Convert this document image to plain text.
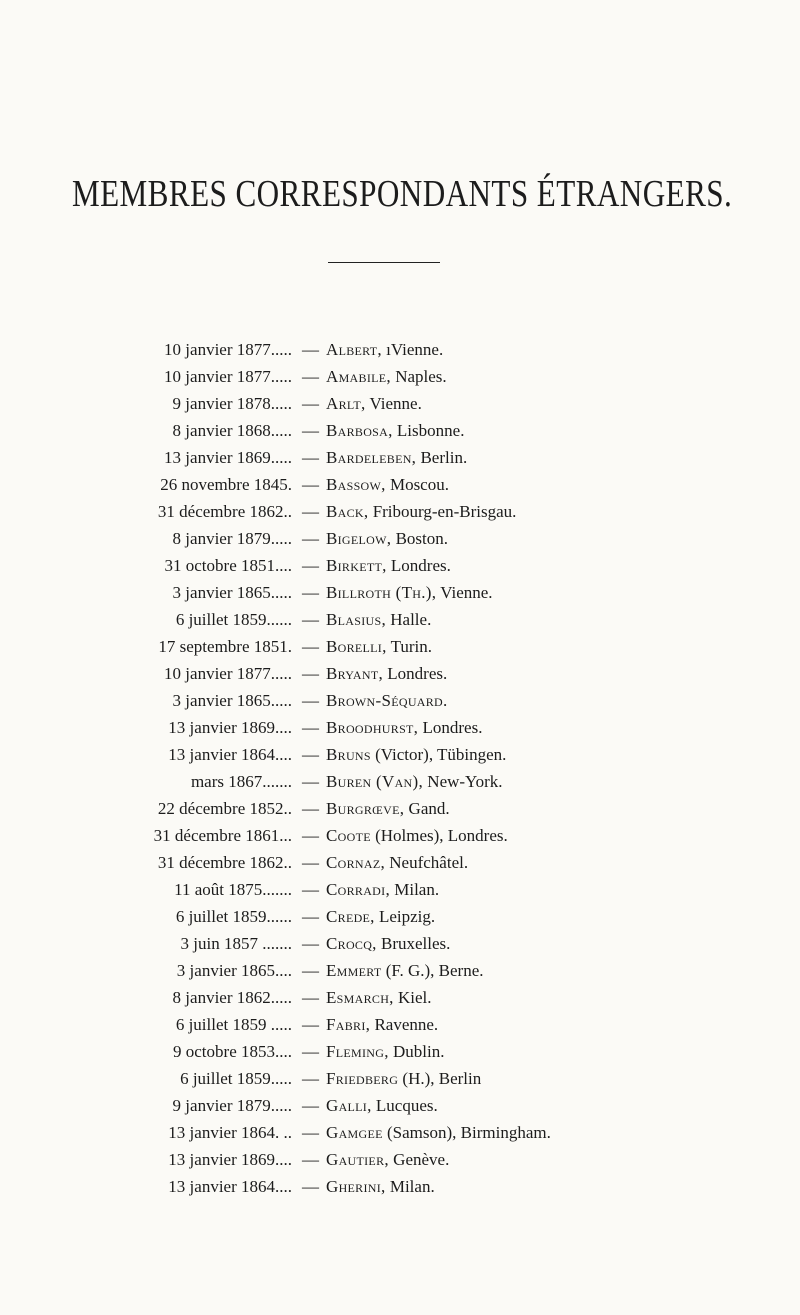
MEMBRES CORRESPONDANTS ÉTRANGERS.
10 janvier 1877..... — Albert, ıVienne.
10 janvier 1877..... — Amabile, Naples.
9 janvier 1878..... — Arlt, Vienne.
8 janvier 1868..... — Barbosa, Lisbonne.
13 janvier 1869..... — Bardeleben, Berlin.
26 novembre 1845. — Bassow, Moscou.
31 décembre 1862.. — Back, Fribourg-en-Brisgau.
8 janvier 1879..... — Bigelow, Boston.
31 octobre 1851.... — Birkett, Londres.
3 janvier 1865..... — Billroth (Th.), Vienne.
6 juillet 1859...... — Blasius, Halle.
17 septembre 1851. — Borelli, Turin.
10 janvier 1877..... — Bryant, Londres.
3 janvier 1865..... — Brown-Séquard.
13 janvier 1869.... — Broodhurst, Londres.
13 janvier 1864.... — Bruns (Victor), Tübingen.
mars 1867....... — Buren (Van), New-York.
22 décembre 1852.. — Burgrœve, Gand.
31 décembre 1861... — Coote (Holmes), Londres.
31 décembre 1862.. — Cornaz, Neufchâtel.
11 août 1875....... — Corradi, Milan.
6 juillet 1859...... — Crede, Leipzig.
3 juin 1857 ....... — Crocq, Bruxelles.
3 janvier 1865.... — Emmert (F. G.), Berne.
8 janvier 1862..... — Esmarch, Kiel.
6 juillet 1859 ..... — Fabri, Ravenne.
9 octobre 1853.... — Fleming, Dublin.
6 juillet 1859..... — Friedberg (H.), Berlin
9 janvier 1879..... — Galli, Lucques.
13 janvier 1864. .. — Gamgee (Samson), Birmingham.
13 janvier 1869.... — Gautier, Genève.
13 janvier 1864.... — Gherini, Milan.
